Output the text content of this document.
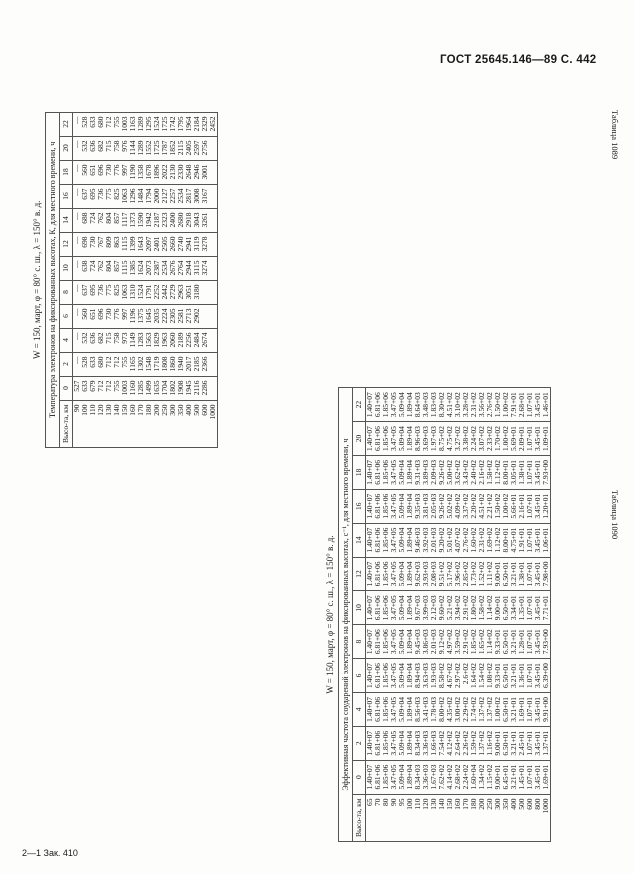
ГОСТ 25645.146—89 С. 442
2—1 Зак. 410
Таблица 1089
Таблица 1090
W = 150, март, φ = 80° с. ш., λ = 150° в. д. Температура электронов на фиксированных высотах, К, для местного времени, ч
Высо-та, км	0	2	4	6	8	10	12	14	16	18	20	22
90	527	—	—	—	—	—	—	—	—	—	—	—
100	633	528	532	560	637	638	698	688	637	560	532	528
110	679	633	636	651	695	724	730	724	695	651	636	633
120	712	680	682	696	736	762	767	762	736	696	682	680
130	712	712	715	730	775	804	809	804	775	730	715	712
140	755	712	758	776	825	857	863	857	825	776	758	755
150	1003	755	973	997	1063	1115	1115	1117	1063	997	976	1003
160	1160	1165	1149	1196	1310	1385	1399	1373	1296	1190	1144	1163
170	1285	1302	1283	1375	1524	1624	1643	1590	1484	1358	1289	1289
180	1499	1548	1563	1645	1791	2073	2097	1942	1794	1678	1552	1295
200	1635	1719	1829	2035	2252	2387	2401	2187	2000	1896	1725	1524
250	1704	1808	1963	2224	2442	2534	2505	2323	2127	2022	1787	1725
300	1802	1860	2060	2305	2729	2676	2660	2400	2257	2130	1852	1742
350	1908	1940	2189	2581	2963	2764	2740	2680	2534	2330	2115	1795
400	1945	2017	2256	2713	3051	2944	2941	2918	2817	2648	2405	1964
500	2116	2185	2484	2902	3180	3115	3119	3043	3008	2946	2597	2184
600	2286	2366	2674			3274	3278	3261	3167	3001	2756	2329
1000												2452
W = 150, март, φ = 80° с. ш., λ = 150° в. д. Эффективная частота соударений электронов на фиксированных высотах, с⁻¹, для местного времени, ч
Высо-та, км	0	2	4	6	8	10	12	14	16	18	20	22
65	1.40+07	1.40+07	1.40+07	1.40+07	1.40+07	1.40+07	1.40+07	1.40+07	1.40+07	1.40+07	1.40+07	1.40+07
70	6.81+06	6.81+06	6.81+06	6.81+06	6.81+06	6.81+06	6.81+06	6.81+06	6.81+06	6.81+06	6.81+06	6.81+06
80	1.85+06	1.85+06	1.85+06	1.85+06	1.85+06	1.85+06	1.85+06	1.85+06	1.85+06	1.85+06	1.85+06	1.85+06
90	3.47+05	3.47+05	3.47+05	3.47+05	3.47+05	3.47+05	3.47+05	3.47+05	3.47+05	3.47+05	3.47+05	3.47+05
95	5.09+04	5.09+04	5.09+04	5.09+04	5.09+04	5.09+04	5.09+04	5.09+04	5.09+04	5.09+04	5.09+04	5.09+04
100	1.89+04	1.89+04	1.89+04	1.89+04	1.89+04	1.89+04	1.89+04	1.89+04	1.89+04	1.89+04	1.89+04	1.89+04
110	8.34+03	8.34+03	8.56+03	8.94+03	9.45+03	9.67+03	9.62+03	9.46+03	9.35+03	9.31+03	8.96+03	8.64+03
120	3.36+03	3.36+03	3.41+03	3.63+03	3.86+03	3.99+03	3.93+03	3.92+03	3.81+03	3.89+03	3.69+03	3.48+03
130	1.67+03	1.66+03	1.78+03	1.93+03	2.01+03	2.12+03	2.08+03	2.01+03	2.05+03	2.09+03	1.97+03	1.83+03
140	7.62+02	7.54+02	8.00+02	8.58+02	9.12+02	9.60+02	9.51+02	9.20+02	9.26+02	9.26+02	8.75+02	8.30+02
150	4.14+02	4.12+02	4.35+02	4.67+02	4.97+02	5.21+02	5.17+02	5.01+02	5.02+02	5.00+02	4.75+02	4.51+02
160	2.68+02	2.64+02	3.00+02	2.97+02	3.59+02	3.94+02	3.96+02	4.07+02	4.09+02	3.62+02	3.27+02	3.10+02
170	2.24+02	2.26+02	2.29+02	2.6+02	2.91+02	2.91+02	2.85+02	2.76+02	3.37+02	3.43+02	3.38+02	3.28+02
180	1.60+04	1.59+02	1.74+02	1.64+02	1.85+02	1.80+02	1.73+02	1.60+02	2.20+02	2.40+02	2.24+02	2.31+02
200	1.34+02	1.37+02	1.37+02	1.54+02	1.65+02	1.58+02	1.52+02	2.31+02	4.51+02	2.16+02	3.07+02	3.56+02
250	1.15+02	1.16+02	1.37+02	1.08+02	1.14+02	1.14+02	1.11+02	1.69+02	2.21+02	1.58+02	2.33+02	2.76+02
300	9.00+01	9.00+01	1.00+02	9.33+01	9.33+01	9.00+01	9.00+01	1.12+02	1.50+02	1.12+02	1.70+02	1.50+02
350	6.45+01	6.50+01	6.50+01	6.50+01	6.50+01	6.50+01	6.50+01	8.00+01	1.00+02	8.00+01	1.00+02	1.00+02
400	3.21+01	3.21+01	3.21+01	3.21+01	3.21+01	3.34+01	3.21+01	4.75+01	5.66+01	3.05+01	5.69+01	7.91+01
500	1.45+01	2.45+01	1.69+01	1.36+01	1.28+01	1.35+01	1.38+01	1.91+01	2.16+01	1.38+01	2.09+01	2.68+01
600	1.07+01	1.07+01	1.07+01	1.07+01	1.07+01	1.07+01	1.07+01	1.07+01	1.07+01	1.07+01	1.07+01	1.07+01
800	3.45+01	3.45+01	3.45+01	3.45+01	3.45+01	3.45+01	3.45+01	3.45+01	3.45+01	3.45+01	3.45+01	3.45+01
1000	1.69+01	1.37+01	9.91+00	6.39+00	7.93+00	7.71+01	7.98+00	1.06+01	1.20+01	7.93+00	1.09+01	1.46+01
